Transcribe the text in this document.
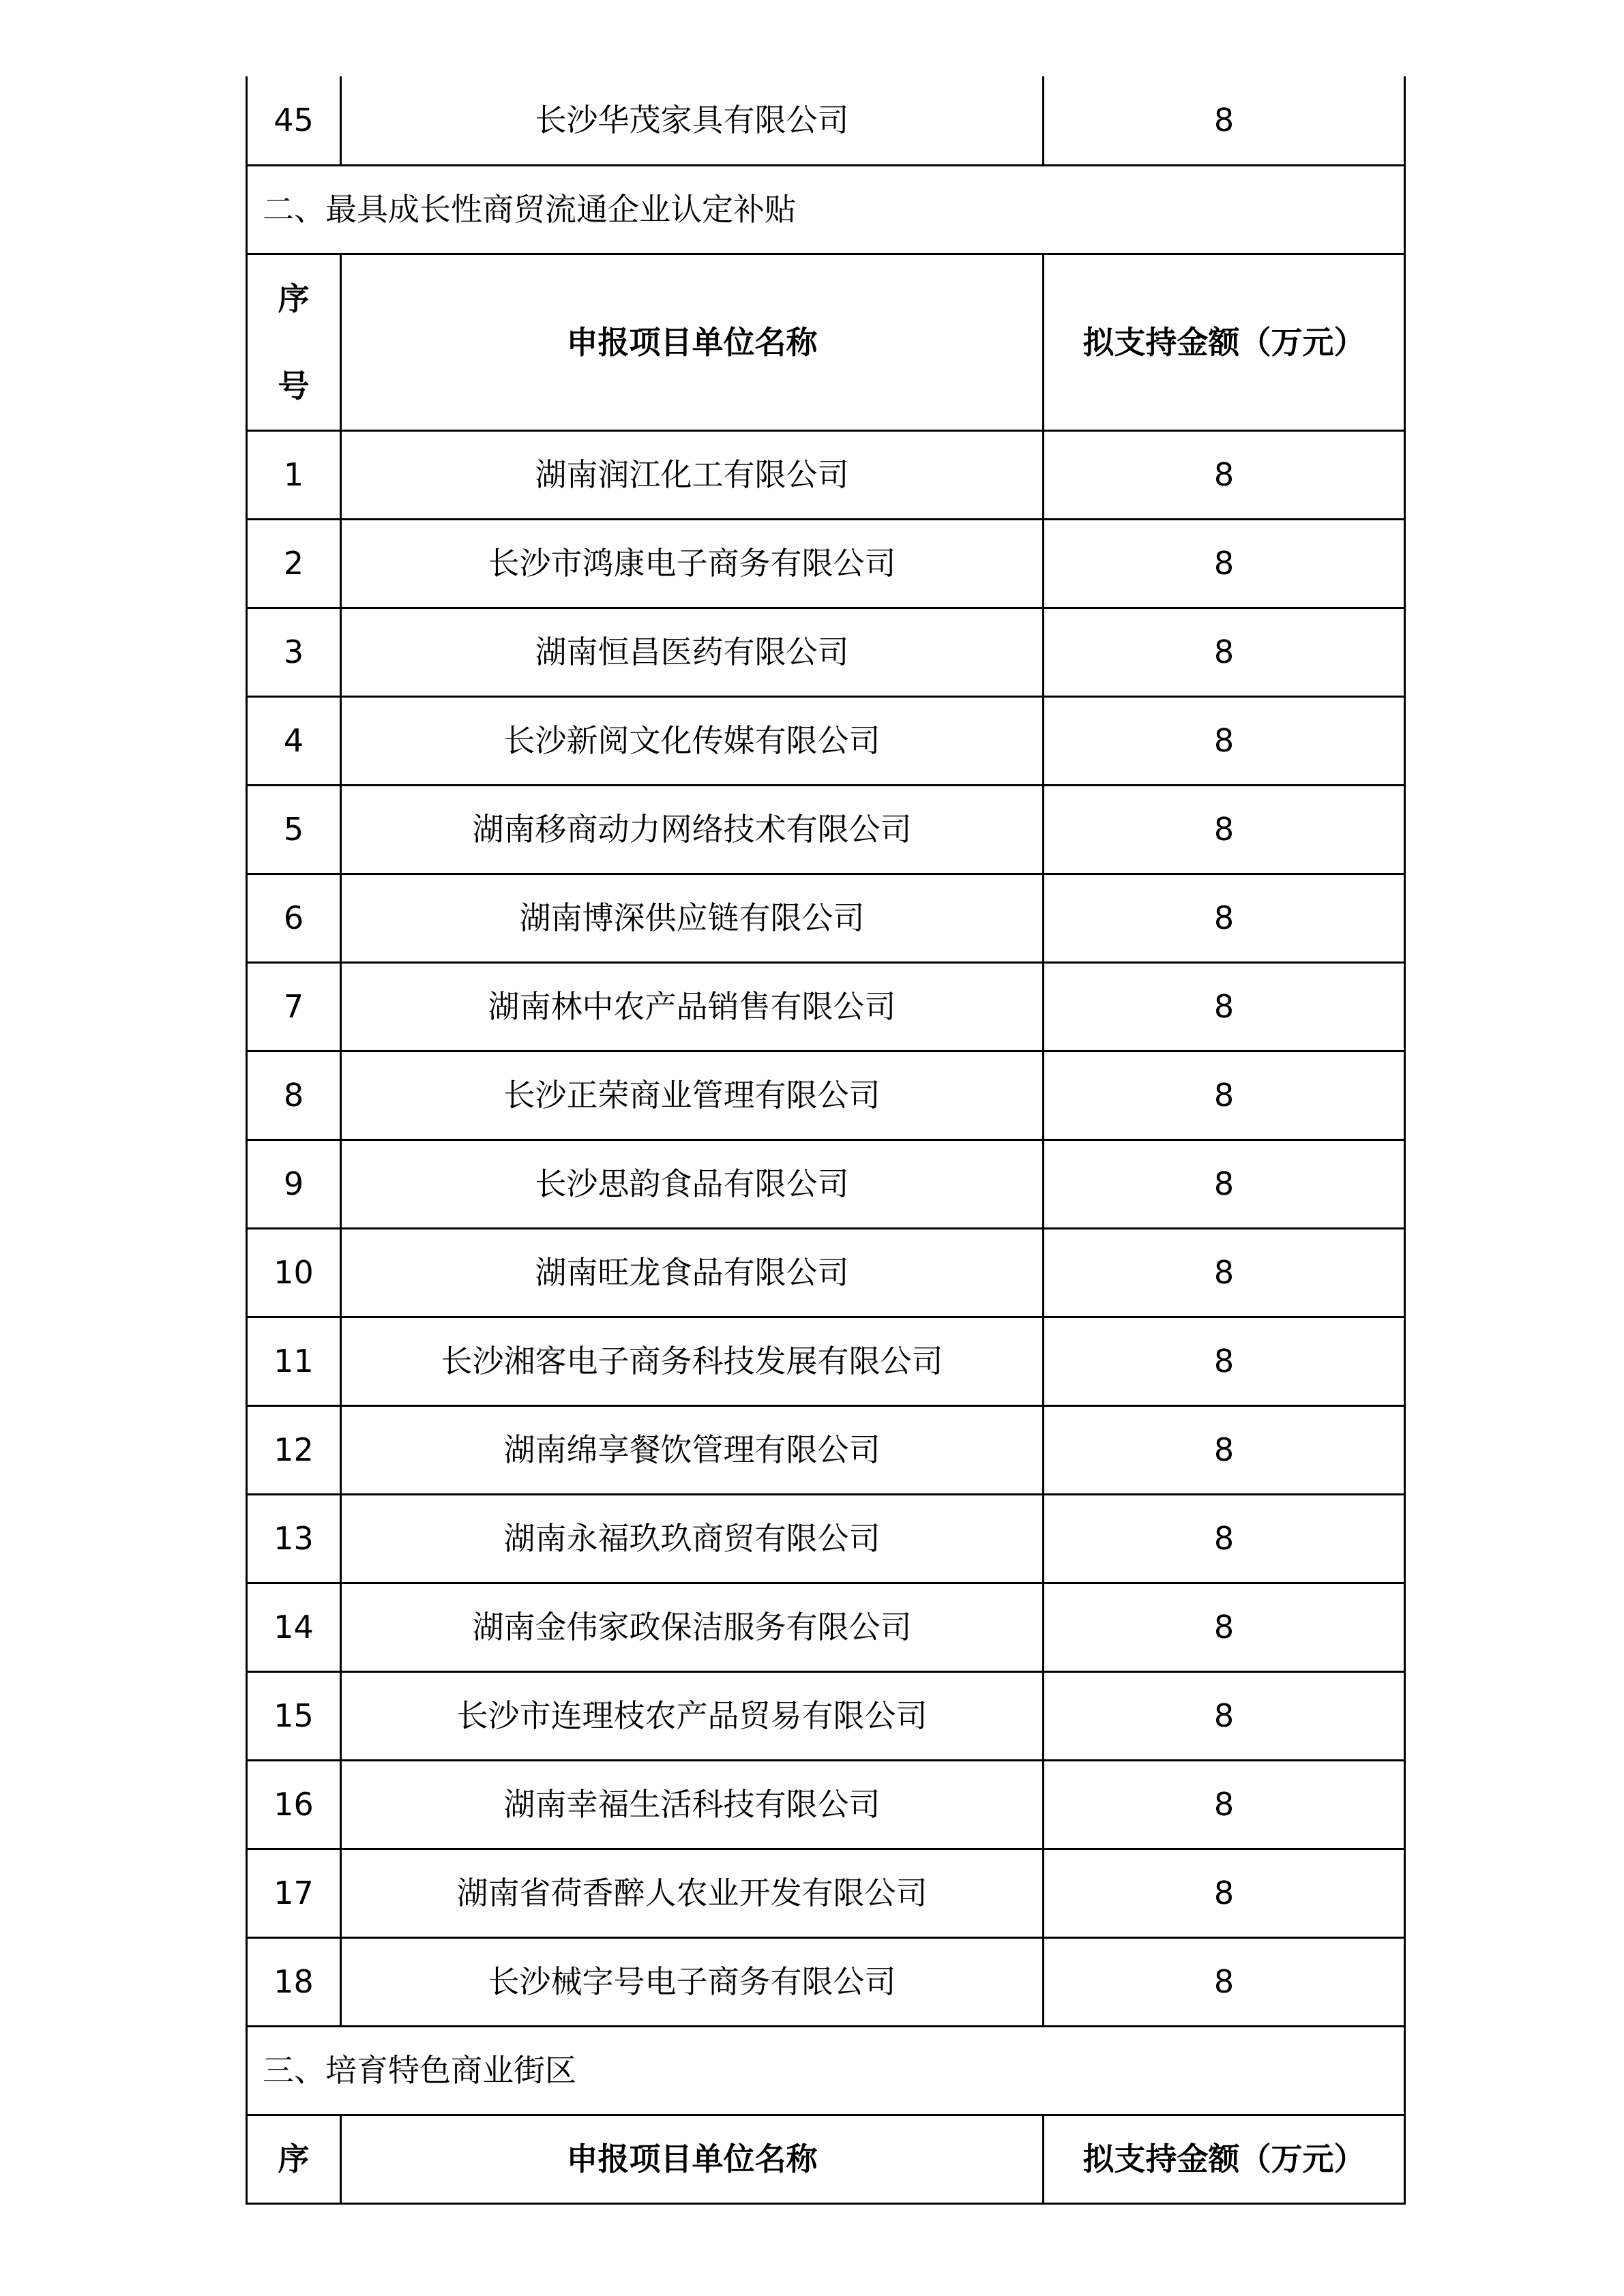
45	长沙华茂家具有限公司	8
二、最具成长性商贸流通企业认定补贴		
序
号	申报项目单位名称	拟支持金额（万元）
1	湖南润江化工有限公司	8
2	长沙市鸿康电子商务有限公司	8
3	湖南恒昌医药有限公司	8
4	长沙新阅文化传媒有限公司	8
5	湖南移商动力网络技术有限公司	8
6	湖南博深供应链有限公司	8
7	湖南林中农产品销售有限公司	8
8	长沙正荣商业管理有限公司	8
9	长沙思韵食品有限公司	8
10	湖南旺龙食品有限公司	8
11	长沙湘客电子商务科技发展有限公司	8
12	湖南绵享餐饮管理有限公司	8
13	湖南永福玖玖商贸有限公司	8
14	湖南金伟家政保洁服务有限公司	8
15	长沙市连理枝农产品贸易有限公司	8
16	湖南幸福生活科技有限公司	8
17	湖南省荷香醉人农业开发有限公司	8
18	长沙械字号电子商务有限公司	8
三、培育特色商业街区		
序	申报项目单位名称	拟支持金额（万元）
